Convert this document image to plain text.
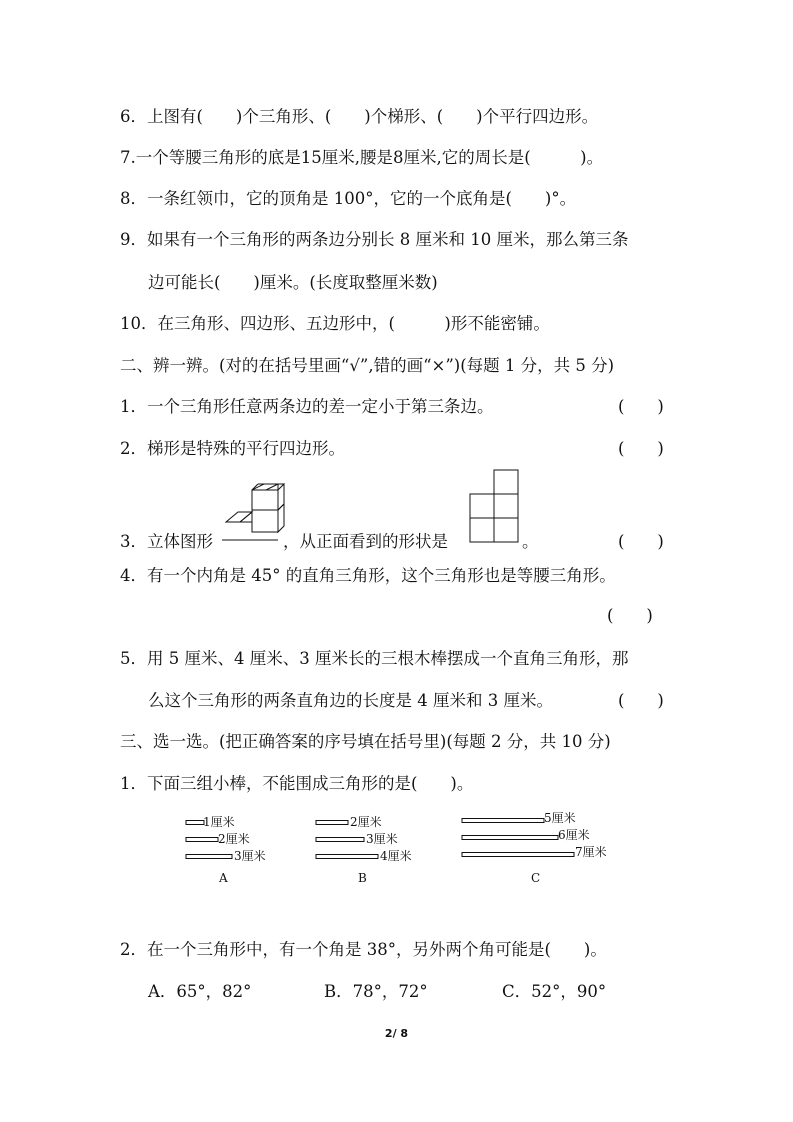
6．上图有(　　)个三角形、(　　)个梯形、(　　)个平行四边形。
7.一个等腰三角形的底是15厘米,腰是8厘米,它的周长是(　　　)。
8．一条红领巾，它的顶角是 100°，它的一个底角是(　　)°。
9．如果有一个三角形的两条边分别长 8 厘米和 10 厘米，那么第三条
边可能长(　　)厘米。(长度取整厘米数)
10．在三角形、四边形、五边形中，(　　　)形不能密铺。
二、辨一辨。(对的在括号里画“√”,错的画“×”)(每题 1 分，共 5 分)
1．一个三角形任意两条边的差一定小于第三条边。	(　　)
2．梯形是特殊的平行四边形。	(　　)
3．立体图形	，从正面看到的形状是	。	(　　)
4．有一个内角是 45° 的直角三角形，这个三角形也是等腰三角形。
(　　)
5．用 5 厘米、4 厘米、3 厘米长的三根木棒摆成一个直角三角形，那
么这个三角形的两条直角边的长度是 4 厘米和 3 厘米。	(　　)
三、选一选。(把正确答案的序号填在括号里)(每题 2 分，共 10 分)
1．下面三组小棒，不能围成三角形的是(　　)。
1厘米
2厘米
3厘米
A
2厘米
3厘米
4厘米
B
5厘米
6厘米
7厘米
C
2．在一个三角形中，有一个角是 38°，另外两个角可能是(　　)。
A．65°，82°	B．78°，72°	C．52°，90°
2/ 8
